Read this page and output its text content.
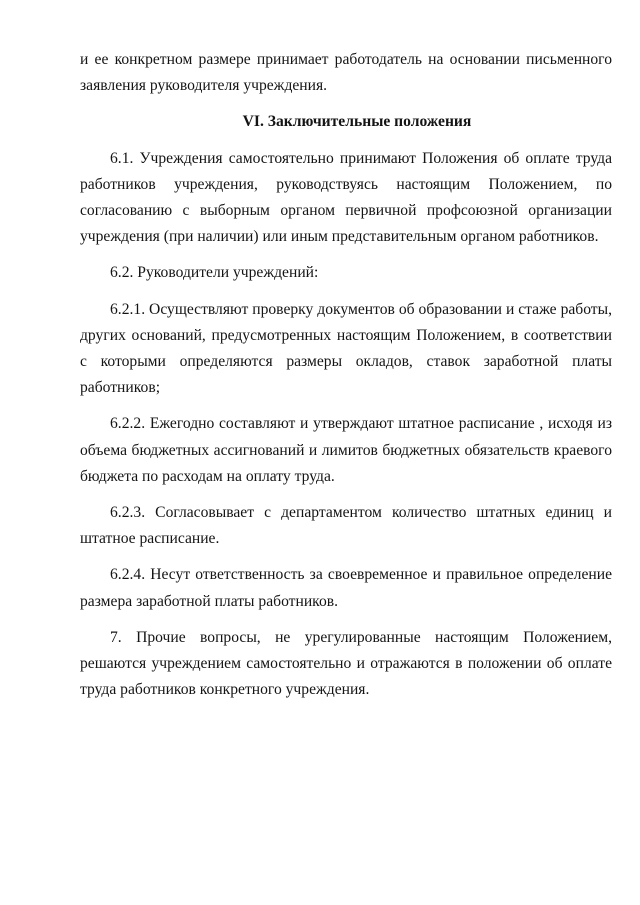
и ее конкретном размере принимает работодатель на основании письменного заявления руководителя учреждения.

VI. Заключительные положения

6.1. Учреждения самостоятельно принимают Положения об оплате труда работников учреждения, руководствуясь настоящим Положением, по согласованию с выборным органом первичной профсоюзной организации учреждения (при наличии) или иным представительным органом работников.

6.2. Руководители учреждений:

6.2.1. Осуществляют проверку документов об образовании и стаже работы, других оснований, предусмотренных настоящим Положением, в соответствии с которыми определяются размеры окладов, ставок заработной платы работников;

6.2.2. Ежегодно составляют и утверждают штатное расписание , исходя из объема бюджетных ассигнований и лимитов бюджетных обязательств краевого бюджета по расходам на оплату труда.

6.2.3. Согласовывает с департаментом количество штатных единиц и штатное расписание.

6.2.4. Несут ответственность за своевременное и правильное определение размера заработной платы работников.

7. Прочие вопросы, не урегулированные настоящим Положением, решаются учреждением самостоятельно и отражаются в положении об оплате труда работников конкретного учреждения.
